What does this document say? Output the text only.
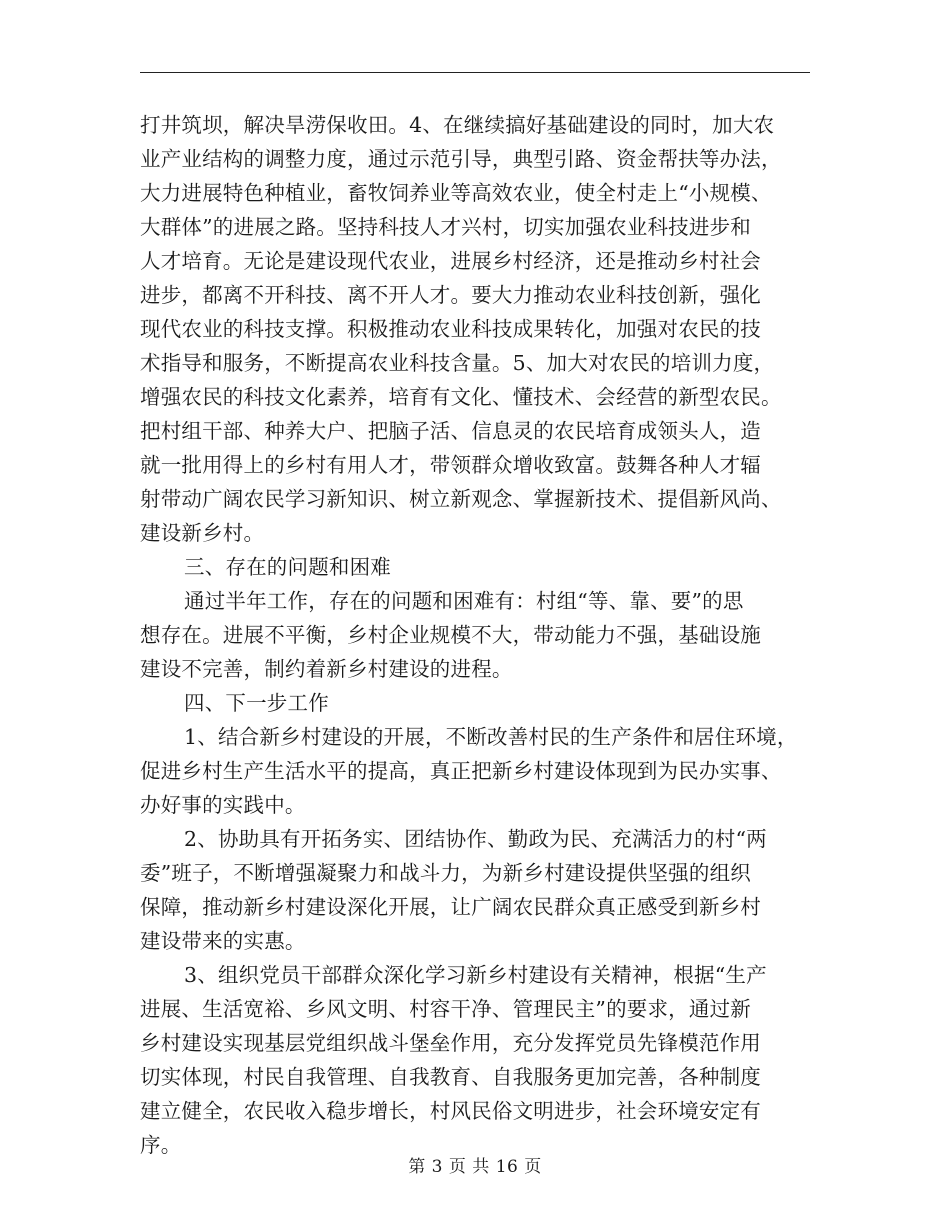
打井筑坝，解决旱涝保收田。4、在继续搞好基础建设的同时，加大农
业产业结构的调整力度，通过示范引导，典型引路、资金帮扶等办法，
大力进展特色种植业，畜牧饲养业等高效农业，使全村走上“小规模、
大群体”的进展之路。坚持科技人才兴村，切实加强农业科技进步和
人才培育。无论是建设现代农业，进展乡村经济，还是推动乡村社会
进步，都离不开科技、离不开人才。要大力推动农业科技创新，强化
现代农业的科技支撑。积极推动农业科技成果转化，加强对农民的技
术指导和服务，不断提高农业科技含量。5、加大对农民的培训力度，
增强农民的科技文化素养，培育有文化、懂技术、会经营的新型农民。
把村组干部、种养大户、把脑子活、信息灵的农民培育成领头人，造
就一批用得上的乡村有用人才，带领群众增收致富。鼓舞各种人才辐
射带动广阔农民学习新知识、树立新观念、掌握新技术、提倡新风尚、
建设新乡村。
三、存在的问题和困难
通过半年工作，存在的问题和困难有：村组“等、靠、要”的思
想存在。进展不平衡，乡村企业规模不大，带动能力不强，基础设施
建设不完善，制约着新乡村建设的进程。
四、下一步工作
1、结合新乡村建设的开展，不断改善村民的生产条件和居住环境，
促进乡村生产生活水平的提高，真正把新乡村建设体现到为民办实事、
办好事的实践中。
2、协助具有开拓务实、团结协作、勤政为民、充满活力的村“两
委”班子，不断增强凝聚力和战斗力，为新乡村建设提供坚强的组织
保障，推动新乡村建设深化开展，让广阔农民群众真正感受到新乡村
建设带来的实惠。
3、组织党员干部群众深化学习新乡村建设有关精神，根据“生产
进展、生活宽裕、乡风文明、村容干净、管理民主”的要求，通过新
乡村建设实现基层党组织战斗堡垒作用，充分发挥党员先锋模范作用
切实体现，村民自我管理、自我教育、自我服务更加完善，各种制度
建立健全，农民收入稳步增长，村风民俗文明进步，社会环境安定有
序。
第 3 页 共 16 页
